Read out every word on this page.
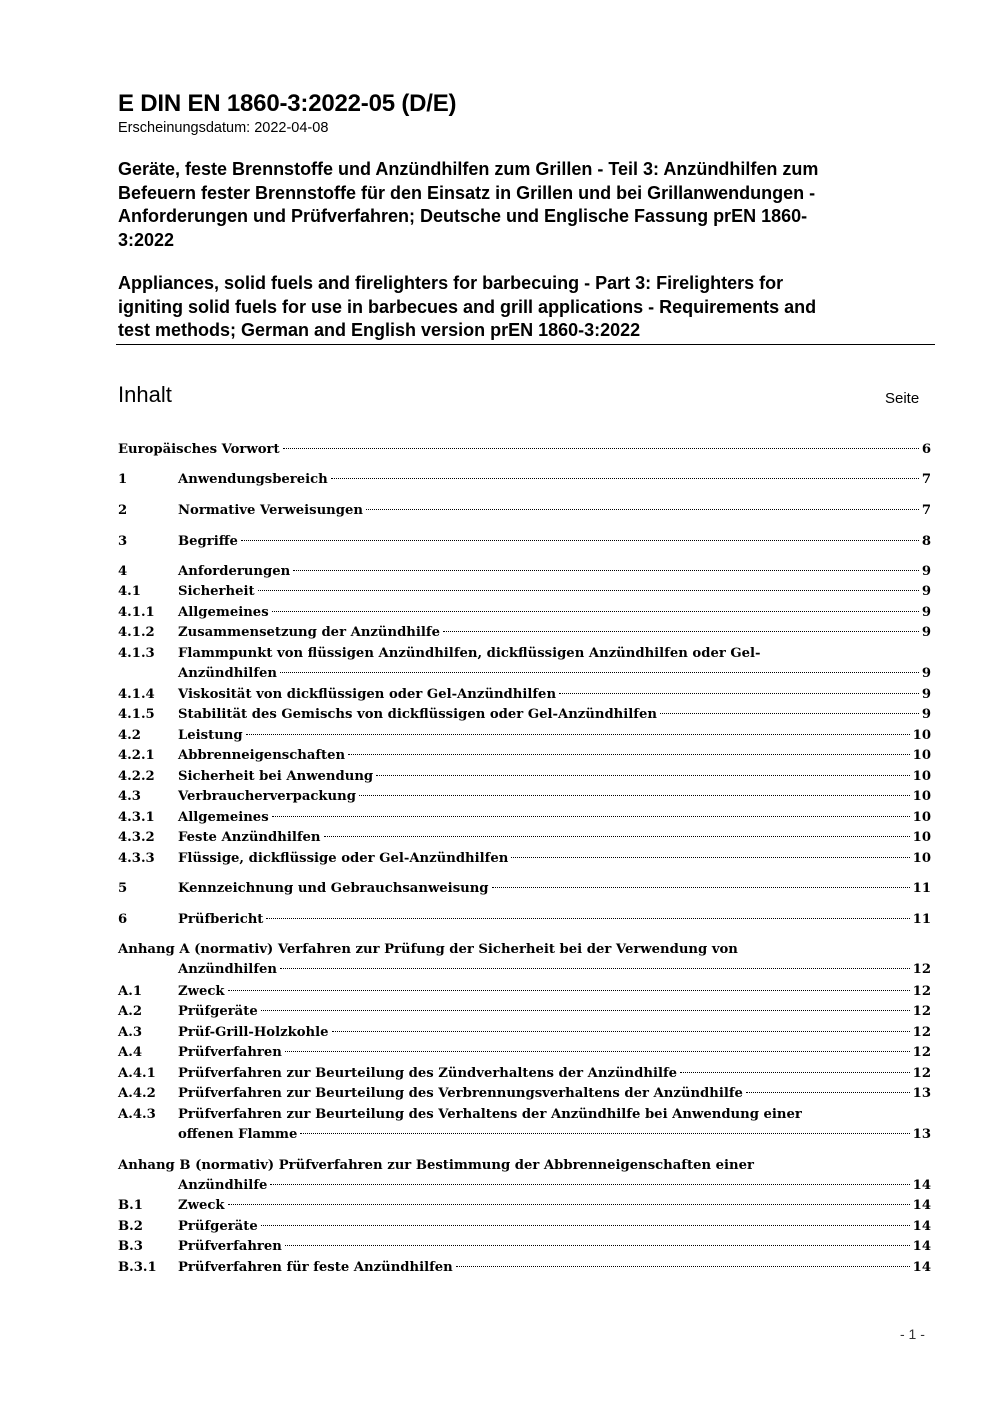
E DIN EN 1860-3:2022-05 (D/E)
Erscheinungsdatum: 2022-04-08
Geräte, feste Brennstoffe und Anzündhilfen zum Grillen - Teil 3: Anzündhilfen zum
Befeuern fester Brennstoffe für den Einsatz in Grillen und bei Grillanwendungen -
Anforderungen und Prüfverfahren; Deutsche und Englische Fassung prEN 1860-
3:2022
Appliances, solid fuels and firelighters for barbecuing - Part 3: Firelighters for
igniting solid fuels for use in barbecues and grill applications - Requirements and
test methods; German and English version prEN 1860-3:2022
Inhalt	Seite
Europäisches Vorwort	6
1	Anwendungsbereich	7
2	Normative Verweisungen	7
3	Begriffe	8
4	Anforderungen	9
4.1	Sicherheit	9
4.1.1 Allgemeines	9
4.1.2 Zusammensetzung der Anzündhilfe	9
4.1.3 Flammpunkt von flüssigen Anzündhilfen, dickflüssigen Anzündhilfen oder Gel-
Anzündhilfen	9
4.1.4 Viskosität von dickflüssigen oder Gel-Anzündhilfen	9
4.1.5 Stabilität des Gemischs von dickflüssigen oder Gel-Anzündhilfen	9
4.2	Leistung	10
4.2.1 Abbrenneigenschaften	10
4.2.2 Sicherheit bei Anwendung	10
4.3	Verbraucherverpackung	10
4.3.1 Allgemeines	10
4.3.2 Feste Anzündhilfen	10
4.3.3 Flüssige, dickflüssige oder Gel-Anzündhilfen	10
5	Kennzeichnung und Gebrauchsanweisung	11
6	Prüfbericht	11
Anhang A (normativ) Verfahren zur Prüfung der Sicherheit bei der Verwendung von
Anzündhilfen	12
A.1	Zweck	12
A.2	Prüfgeräte	12
A.3	Prüf-Grill-Holzkohle	12
A.4	Prüfverfahren	12
A.4.1 Prüfverfahren zur Beurteilung des Zündverhaltens der Anzündhilfe	12
A.4.2 Prüfverfahren zur Beurteilung des Verbrennungsverhaltens der Anzündhilfe	13
A.4.3 Prüfverfahren zur Beurteilung des Verhaltens der Anzündhilfe bei Anwendung einer
offenen Flamme	13
Anhang B (normativ) Prüfverfahren zur Bestimmung der Abbrenneigenschaften einer
Anzündhilfe	14
B.1	Zweck	14
B.2	Prüfgeräte	14
B.3	Prüfverfahren	14
B.3.1 Prüfverfahren für feste Anzündhilfen	14
- 1 -
